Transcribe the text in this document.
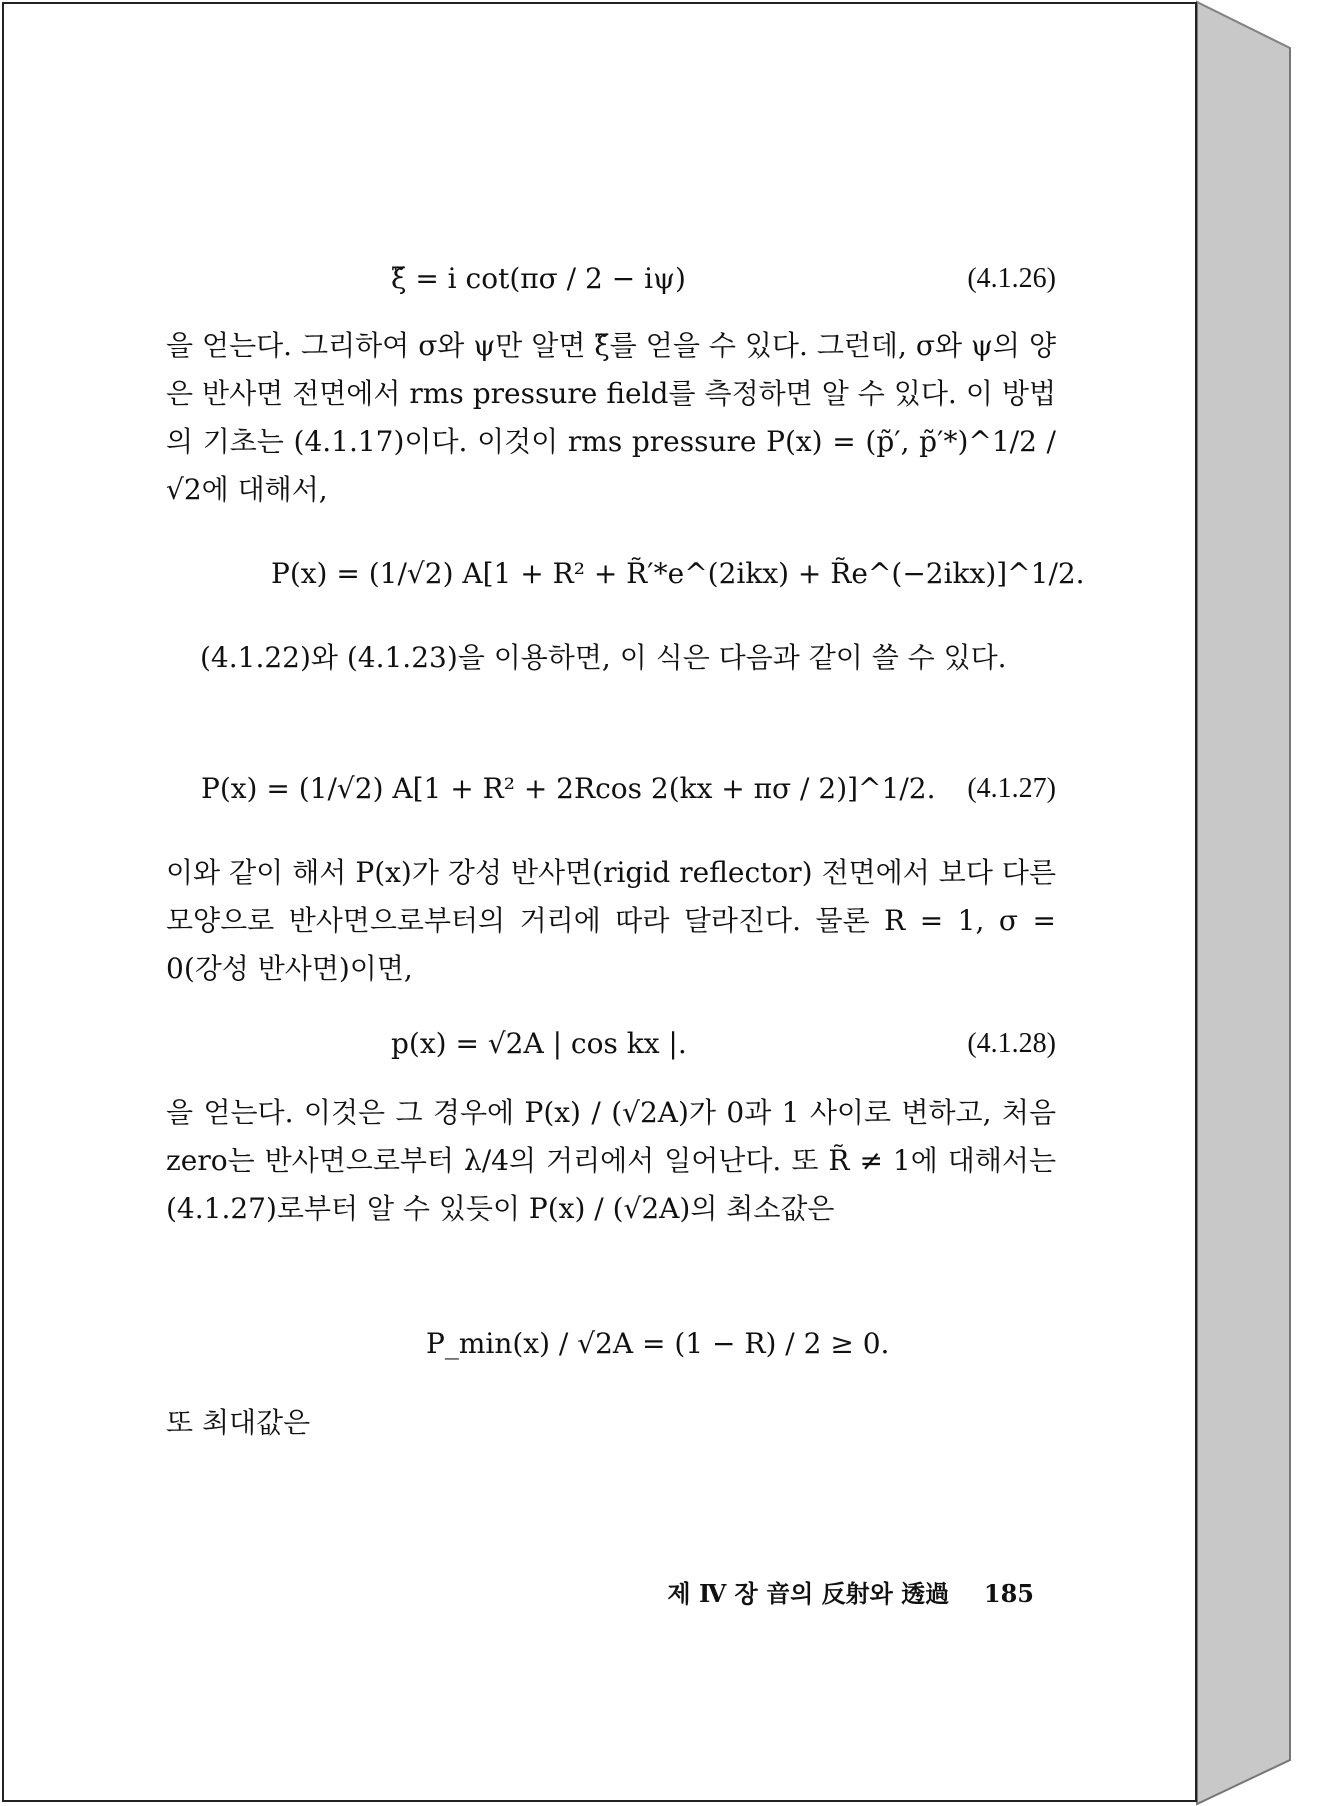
ξ̃ = i cot(πσ / 2 − iψ)	(4.1.26)
을 얻는다. 그리하여 σ와 ψ만 알면 ξ̃를 얻을 수 있다. 그런데, σ와 ψ의 양은 반사면 전면에서 rms pressure field를 측정하면 알 수 있다. 이 방법의 기초는 (4.1.17)이다. 이것이 rms pressure P(x) = (p̃′, p̃′*)^1/2 / √2에 대해서,
P(x) = (1/√2) A[1 + R² + R̃′*e^(2ikx) + R̃e^(−2ikx)]^1/2.
(4.1.22)와 (4.1.23)을 이용하면, 이 식은 다음과 같이 쓸 수 있다.
P(x) = (1/√2) A[1 + R² + 2Rcos 2(kx + πσ / 2)]^1/2. (4.1.27)
이와 같이 해서 P(x)가 강성 반사면(rigid reflector) 전면에서 보다 다른 모양으로 반사면으로부터의 거리에 따라 달라진다. 물론 R = 1, σ = 0(강성 반사면)이면,
p(x) = √2A | cos kx |.	(4.1.28)
을 얻는다. 이것은 그 경우에 P(x) / (√2A)가 0과 1 사이로 변하고, 처음 zero는 반사면으로부터 λ/4의 거리에서 일어난다. 또 R̃ ≠ 1에 대해서는 (4.1.27)로부터 알 수 있듯이 P(x) / (√2A)의 최소값은
P_min(x) / √2A = (1 − R) / 2 ≥ 0.
또 최대값은
제 Ⅳ 장 音의 反射와 透過 185
